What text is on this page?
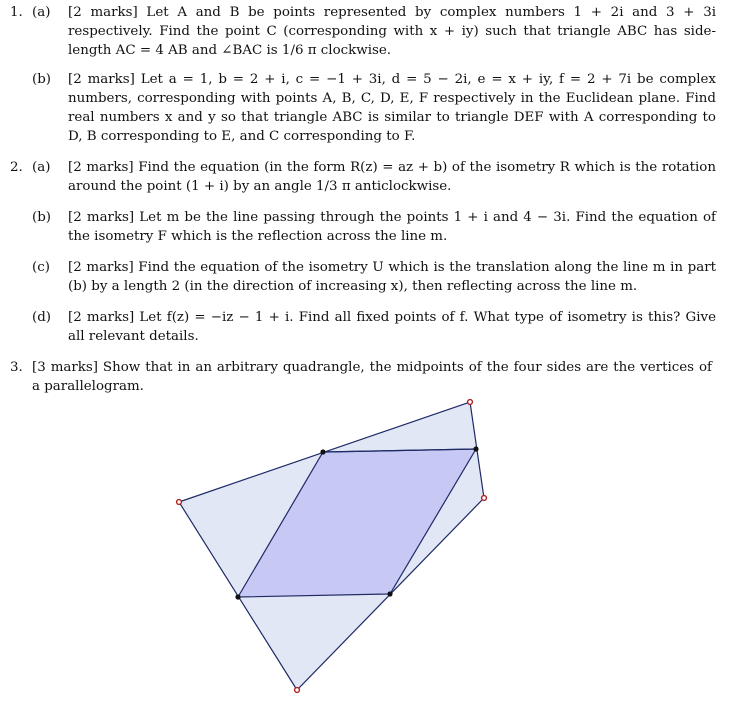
1. (a) [2 marks] Let A and B be points represented by complex numbers 1 + 2i and 3 + 3i respectively. Find the point C (corresponding with x + iy) such that triangle ABC has side-length AC = 4 AB and ∠BAC is 1/6 π clockwise.
(b) [2 marks] Let a = 1, b = 2 + i, c = −1 + 3i, d = 5 − 2i, e = x + iy, f = 2 + 7i be complex numbers, corresponding with points A, B, C, D, E, F respectively in the Euclidean plane. Find real numbers x and y so that triangle ABC is similar to triangle DEF with A corresponding to D, B corresponding to E, and C corresponding to F.
2. (a) [2 marks] Find the equation (in the form R(z) = az + b) of the isometry R which is the rotation around the point (1 + i) by an angle 1/3 π anticlockwise.
(b) [2 marks] Let m be the line passing through the points 1 + i and 4 − 3i. Find the equation of the isometry F which is the reflection across the line m.
(c) [2 marks] Find the equation of the isometry U which is the translation along the line m in part (b) by a length 2 (in the direction of increasing x), then reflecting across the line m.
(d) [2 marks] Let f(z) = −iz − 1 + i. Find all fixed points of f. What type of isometry is this? Give all relevant details.
3. [3 marks] Show that in an arbitrary quadrangle, the midpoints of the four sides are the vertices of a parallelogram.
